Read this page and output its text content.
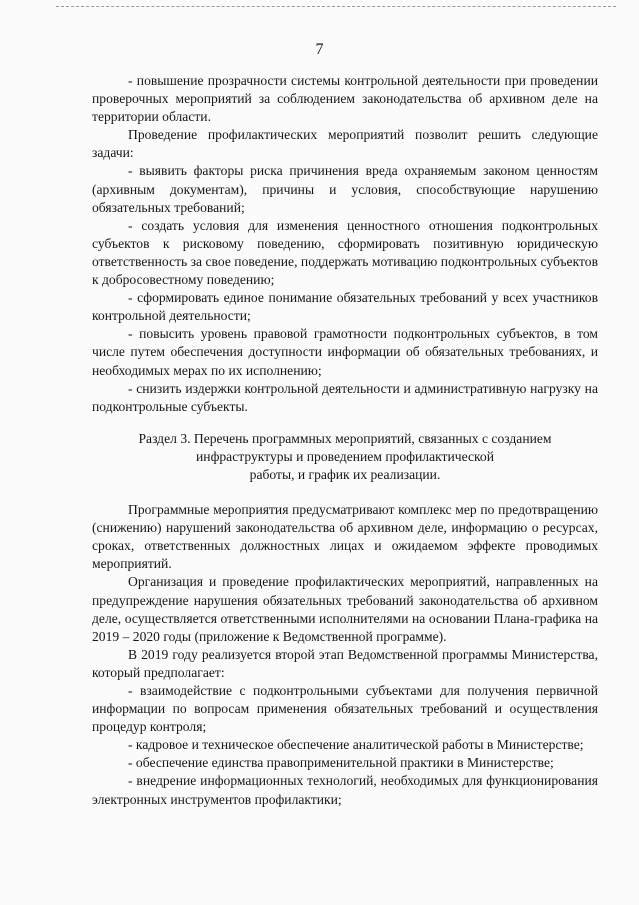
7

- повышение прозрачности системы контрольной деятельности при проведении проверочных мероприятий за соблюдением законодательства об архивном деле на территории области.

Проведение профилактических мероприятий позволит решить следующие задачи:

- выявить факторы риска причинения вреда охраняемым законом ценностям (архивным документам), причины и условия, способствующие нарушению обязательных требований;

- создать условия для изменения ценностного отношения подконтрольных субъектов к рисковому поведению, сформировать позитивную юридическую ответственность за свое поведение, поддержать мотивацию подконтрольных субъектов к добросовестному поведению;

- сформировать единое понимание обязательных требований у всех участников контрольной деятельности;

- повысить уровень правовой грамотности подконтрольных субъектов, в том числе путем обеспечения доступности информации об обязательных требованиях, и необходимых мерах по их исполнению;

- снизить издержки контрольной деятельности и административную нагрузку на подконтрольные субъекты.

Раздел 3. Перечень программных мероприятий, связанных с созданием
инфраструктуры и проведением профилактической
работы, и график их реализации.

Программные мероприятия предусматривают комплекс мер по предотвращению (снижению) нарушений законодательства об архивном деле, информацию о ресурсах, сроках, ответственных должностных лицах и ожидаемом эффекте проводимых мероприятий.

Организация и проведение профилактических мероприятий, направленных на предупреждение нарушения обязательных требований законодательства об архивном деле, осуществляется ответственными исполнителями на основании Плана-графика на 2019 – 2020 годы (приложение к Ведомственной программе).

В 2019 году реализуется второй этап Ведомственной программы Министерства, который предполагает:

- взаимодействие с подконтрольными субъектами для получения первичной информации по вопросам применения обязательных требований и осуществления процедур контроля;

- кадровое и техническое обеспечение аналитической работы в Министерстве;

- обеспечение единства правоприменительной практики в Министерстве;

- внедрение информационных технологий, необходимых для функционирования электронных инструментов профилактики;
